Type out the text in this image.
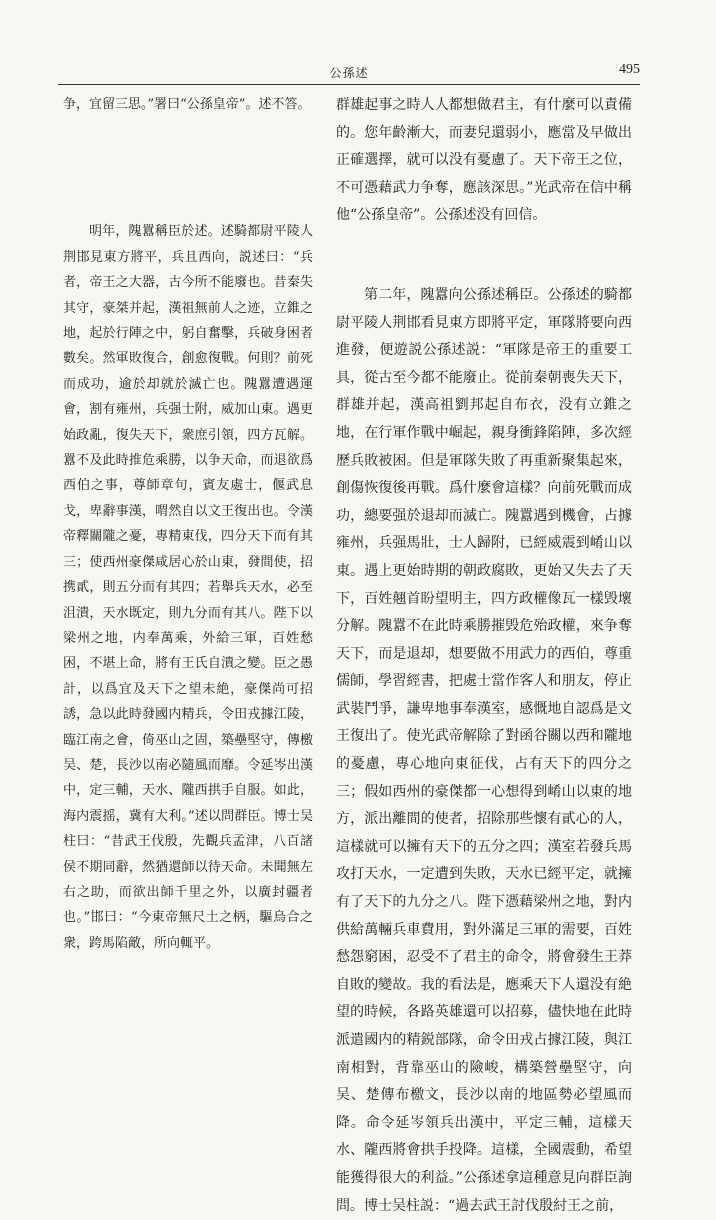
公孫述	495

争，宜留三思。”署曰“公孫皇帝”。述不答。

明年，隗囂稱臣於述。述騎都尉平陵人荆邯見東方將平，兵且西向，説述曰：“兵者，帝王之大器，古今所不能廢也。昔秦失其守，豪桀并起，漢祖無前人之迹，立錐之地，起於行陣之中，躬自奮擊，兵破身困者數矣。然軍敗復合，創愈復戰。何則？前死而成功，逾於却就於滅亡也。隗囂遭遇運會，割有雍州，兵强士附，威加山東。遇更始政亂，復失天下，衆庶引領，四方瓦解。囂不及此時推危乘勝，以争天命，而退欲爲西伯之事，尊師章句，賓友處士，偃武息戈，卑辭事漢，喟然自以文王復出也。令漢帝釋關隴之憂，專精東伐，四分天下而有其三；使西州豪傑咸居心於山東，發間使，招携貳，則五分而有其四；若舉兵天水，必至沮潰，天水既定，則九分而有其八。陛下以梁州之地，内奉萬乘，外給三軍，百姓愁困，不堪上命，將有王氏自潰之變。臣之愚計，以爲宜及天下之望未絶，豪傑尚可招誘，急以此時發國内精兵，令田戎據江陵，臨江南之會，倚巫山之固，築壘堅守，傳檄吴、楚，長沙以南必隨風而靡。令延岑出漢中，定三輔，天水、隴西拱手自服。如此，海内震摇，冀有大利。”述以問群臣。博士吴柱曰：“昔武王伐殷，先觀兵孟津，八百諸侯不期同辭，然猶還師以待天命。未聞無左右之助，而欲出師千里之外，以廣封疆者也。”邯曰：“今東帝無尺土之柄，驅烏合之衆，跨馬陷敵，所向輒平。

群雄起事之時人人都想做君主，有什麼可以責備的。您年齡漸大，而妻兒還弱小，應當及早做出正確選擇，就可以没有憂慮了。天下帝王之位，不可憑藉武力争奪，應該深思。”光武帝在信中稱他“公孫皇帝”。公孫述没有回信。

第二年，隗囂向公孫述稱臣。公孫述的騎都尉平陵人荆邯看見東方即將平定，軍隊將要向西進發，便遊説公孫述説：“軍隊是帝王的重要工具，從古至今都不能廢止。從前秦朝喪失天下，群雄并起，漢高祖劉邦起自布衣，没有立錐之地，在行軍作戰中崛起，親身衝鋒陷陣，多次經歷兵敗被困。但是軍隊失敗了再重新聚集起來，創傷恢復後再戰。爲什麼會這樣？向前死戰而成功，總要强於退却而滅亡。隗囂遇到機會，占據雍州，兵强馬壯，士人歸附，已經威震到崤山以東。遇上更始時期的朝政腐敗，更始又失去了天下，百姓翹首盼望明主，四方政權像瓦一樣毁壞分解。隗囂不在此時乘勝摧毁危殆政權，來争奪天下，而是退却，想要做不用武力的西伯，尊重儒師，學習經書，把處士當作客人和朋友，停止武裝鬥爭，謙卑地事奉漢室，感慨地自認爲是文王復出了。使光武帝解除了對函谷關以西和隴地的憂慮，專心地向東征伐，占有天下的四分之三；假如西州的豪傑都一心想得到崤山以東的地方，派出離間的使者，招除那些懷有貳心的人，這樣就可以擁有天下的五分之四；漢室若發兵馬攻打天水，一定遭到失敗，天水已經平定，就擁有了天下的九分之八。陛下憑藉梁州之地，對内供給萬輛兵車費用，對外滿足三軍的需要，百姓愁怨窮困，忍受不了君主的命令，將會發生王莽自敗的變故。我的看法是，應乘天下人還没有絶望的時候，各路英雄還可以招募，儘快地在此時派遣國内的精鋭部隊，命令田戎占據江陵，與江南相對，背靠巫山的險峻，構築營壘堅守，向吴、楚傳布檄文，長沙以南的地區勢必望風而降。命令延岑領兵出漢中，平定三輔，這樣天水、隴西將會拱手投降。這樣，全國震動，希望能獲得很大的利益。”公孫述拿這種意見向群臣詢問。博士吴柱説：“過去武王討伐殷紂王之前，
